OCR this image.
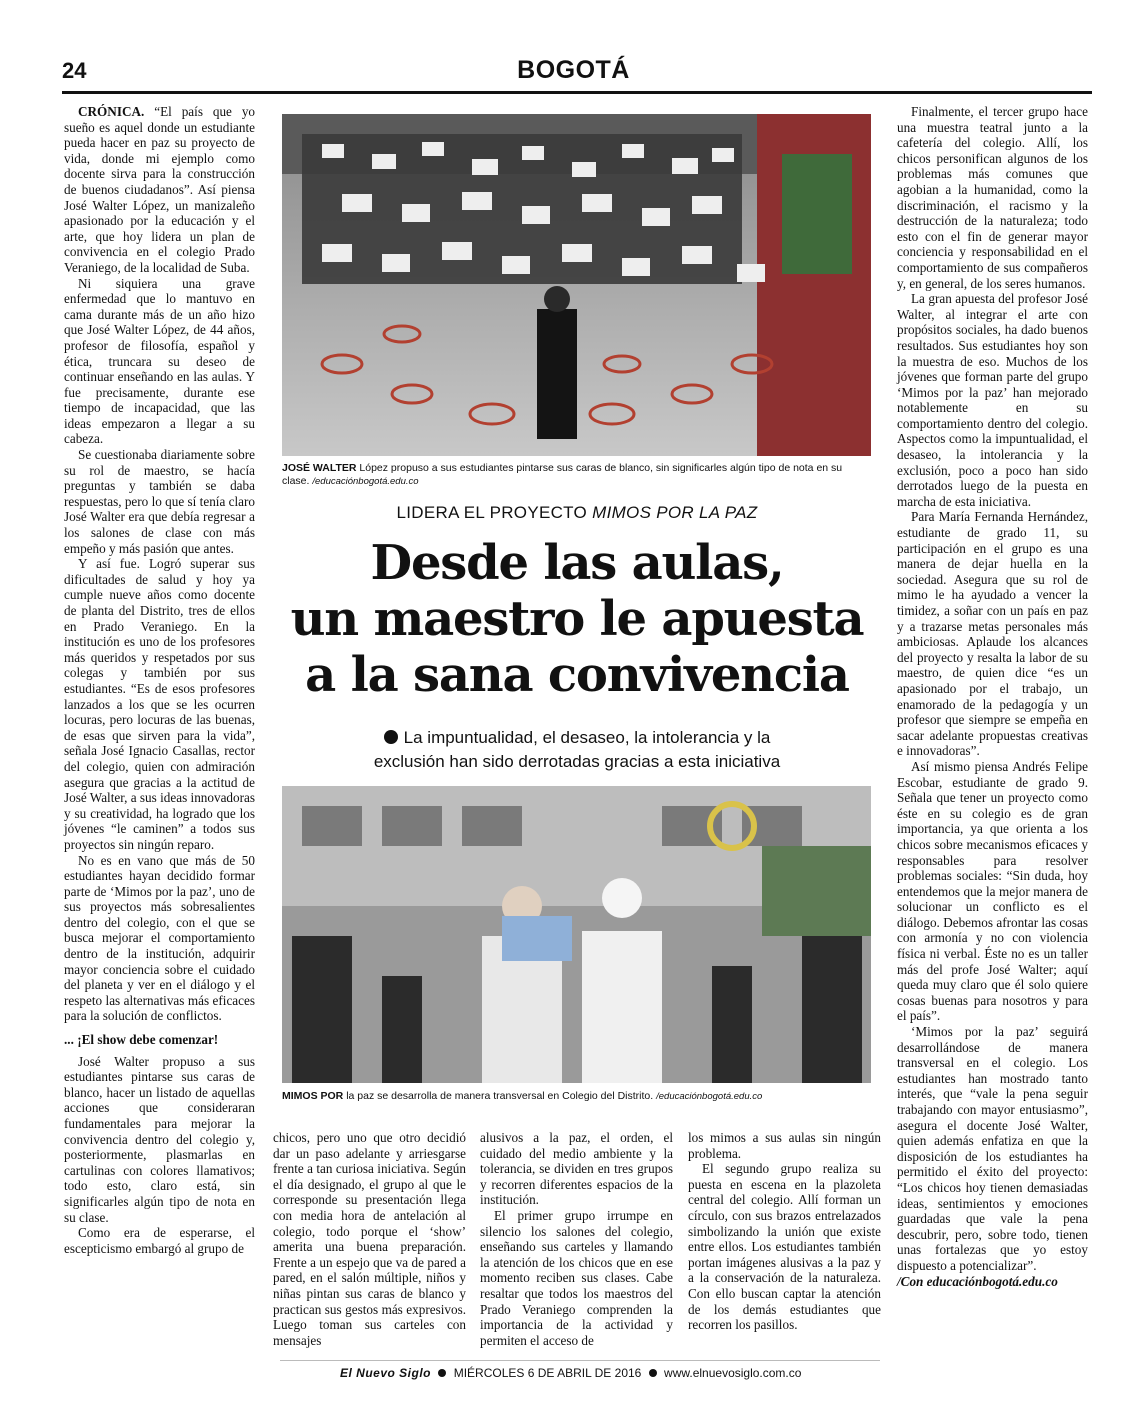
24	BOGOTÁ

CRÓNICA. “El país que yo sueño es aquel donde un estudiante pueda hacer en paz su proyecto de vida, donde mi ejemplo como docente sirva para la construcción de buenos ciudadanos”. Así piensa José Walter López, un manizaleño apasionado por la educación y el arte, que hoy lidera un plan de convivencia en el colegio Prado Veraniego, de la localidad de Suba.

Ni siquiera una grave enfermedad que lo mantuvo en cama durante más de un año hizo que José Walter López, de 44 años, profesor de filosofía, español y ética, truncara su deseo de continuar enseñando en las aulas. Y fue precisamente, durante ese tiempo de incapacidad, que las ideas empezaron a llegar a su cabeza.

Se cuestionaba diariamente sobre su rol de maestro, se hacía preguntas y también se daba respuestas, pero lo que sí tenía claro José Walter era que debía regresar a los salones de clase con más empeño y más pasión que antes.

Y así fue. Logró superar sus dificultades de salud y hoy ya cumple nueve años como docente de planta del Distrito, tres de ellos en Prado Veraniego. En la institución es uno de los profesores más queridos y respetados por sus colegas y también por sus estudiantes. “Es de esos profesores lanzados a los que se les ocurren locuras, pero locuras de las buenas, de esas que sirven para la vida”, señala José Ignacio Casallas, rector del colegio, quien con admiración asegura que gracias a la actitud de José Walter, a sus ideas innovadoras y su creatividad, ha logrado que los jóvenes “le caminen” a todos sus proyectos sin ningún reparo.

No es en vano que más de 50 estudiantes hayan decidido formar parte de ‘Mimos por la paz’, uno de sus proyectos más sobresalientes dentro del colegio, con el que se busca mejorar el comportamiento dentro de la institución, adquirir mayor conciencia sobre el cuidado del planeta y ver en el diálogo y el respeto las alternativas más eficaces para la solución de conflictos.

... ¡El show debe comenzar!

José Walter propuso a sus estudiantes pintarse sus caras de blanco, hacer un listado de aquellas acciones que consideraran fundamentales para mejorar la convivencia dentro del colegio y, posteriormente, plasmarlas en cartulinas con colores llamativos; todo esto, claro está, sin significarles algún tipo de nota en su clase.

Como era de esperarse, el escepticismo embargó al grupo de

JOSÉ WALTER López propuso a sus estudiantes pintarse sus caras de blanco, sin significarles algún tipo de nota en su clase. /educaciónbogotá.edu.co
LIDERA EL PROYECTO MIMOS POR LA PAZ
Desde las aulas,
un maestro le apuesta
a la sana convivencia
La impuntualidad, el desaseo, la intolerancia y la
exclusión han sido derrotadas gracias a esta iniciativa
MIMOS POR la paz se desarrolla de manera transversal en Colegio del Distrito. /educaciónbogotá.edu.co

chicos, pero uno que otro decidió dar un paso adelante y arriesgarse frente a tan curiosa iniciativa. Según el día designado, el grupo al que le corresponde su presentación llega con media hora de antelación al colegio, todo porque el ‘show’ amerita una buena preparación. Frente a un espejo que va de pared a pared, en el salón múltiple, niños y niñas pintan sus caras de blanco y practican sus gestos más expresivos. Luego toman sus carteles con mensajes

alusivos a la paz, el orden, el cuidado del medio ambiente y la tolerancia, se dividen en tres grupos y recorren diferentes espacios de la institución.

El primer grupo irrumpe en silencio los salones del colegio, enseñando sus carteles y llamando la atención de los chicos que en ese momento reciben sus clases. Cabe resaltar que todos los maestros del Prado Veraniego comprenden la importancia de la actividad y permiten el acceso de

los mimos a sus aulas sin ningún problema.

El segundo grupo realiza su puesta en escena en la plazoleta central del colegio. Allí forman un círculo, con sus brazos entrelazados simbolizando la unión que existe entre ellos. Los estudiantes también portan imágenes alusivas a la paz y a la conservación de la naturaleza. Con ello buscan captar la atención de los demás estudiantes que recorren los pasillos.

Finalmente, el tercer grupo hace una muestra teatral junto a la cafetería del colegio. Allí, los chicos personifican algunos de los problemas más comunes que agobian a la humanidad, como la discriminación, el racismo y la destrucción de la naturaleza; todo esto con el fin de generar mayor conciencia y responsabilidad en el comportamiento de sus compañeros y, en general, de los seres humanos.

La gran apuesta del profesor José Walter, al integrar el arte con propósitos sociales, ha dado buenos resultados. Sus estudiantes hoy son la muestra de eso. Muchos de los jóvenes que forman parte del grupo ‘Mimos por la paz’ han mejorado notablemente en su comportamiento dentro del colegio. Aspectos como la impuntualidad, el desaseo, la intolerancia y la exclusión, poco a poco han sido derrotados luego de la puesta en marcha de esta iniciativa.

Para María Fernanda Hernández, estudiante de grado 11, su participación en el grupo es una manera de dejar huella en la sociedad. Asegura que su rol de mimo le ha ayudado a vencer la timidez, a soñar con un país en paz y a trazarse metas personales más ambiciosas. Aplaude los alcances del proyecto y resalta la labor de su maestro, de quien dice “es un apasionado por el trabajo, un enamorado de la pedagogía y un profesor que siempre se empeña en sacar adelante propuestas creativas e innovadoras”.

Así mismo piensa Andrés Felipe Escobar, estudiante de grado 9. Señala que tener un proyecto como éste en su colegio es de gran importancia, ya que orienta a los chicos sobre mecanismos eficaces y responsables para resolver problemas sociales: “Sin duda, hoy entendemos que la mejor manera de solucionar un conflicto es el diálogo. Debemos afrontar las cosas con armonía y no con violencia física ni verbal. Éste no es un taller más del profe José Walter; aquí queda muy claro que él solo quiere cosas buenas para nosotros y para el país”.

‘Mimos por la paz’ seguirá desarrollándose de manera transversal en el colegio. Los estudiantes han mostrado tanto interés, que “vale la pena seguir trabajando con mayor entusiasmo”, asegura el docente José Walter, quien además enfatiza en que la disposición de los estudiantes ha permitido el éxito del proyecto: “Los chicos hoy tienen demasiadas ideas, sentimientos y emociones guardadas que vale la pena descubrir, pero, sobre todo, tienen unas fortalezas que yo estoy dispuesto a potencializar”.

/Con educaciónbogotá.edu.co

El Nuevo Siglo MIÉRCOLES 6 DE ABRIL DE 2016 www.elnuevosiglo.com.co
